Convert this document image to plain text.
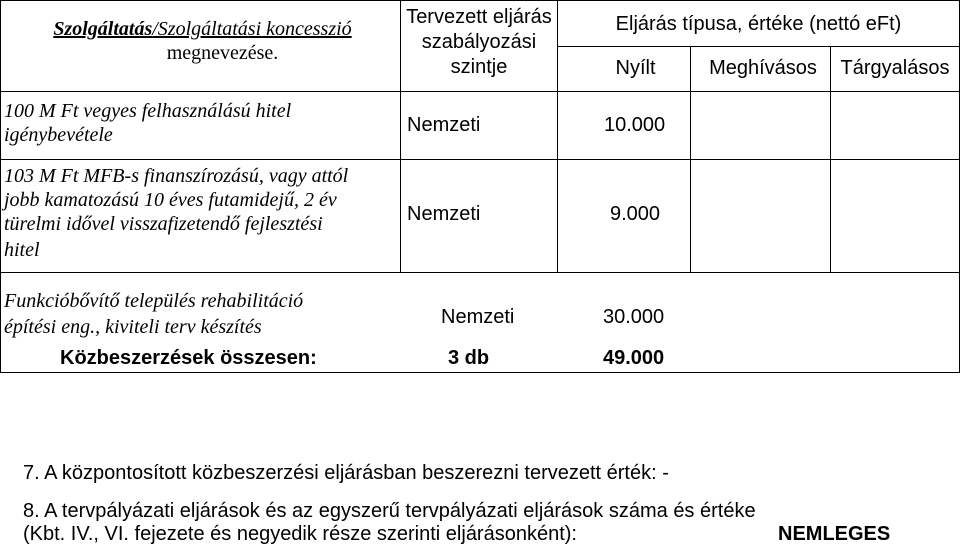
Szolgáltatás/Szolgáltatási koncesszió
megnevezése.
Tervezett eljárás
szabályozási
szintje
Eljárás típusa, értéke (nettó eFt)
Nyílt	Meghívásos	Tárgyalásos
100 M Ft vegyes felhasználású hitel
igénybevétele	Nemzeti	10.000
103 M Ft MFB-s finanszírozású, vagy attól
jobb kamatozású 10 éves futamidejű, 2 év
türelmi idővel visszafizetendő fejlesztési
hitel
Nemzeti	9.000
Funkcióbővítő település rehabilitáció
építési eng., kiviteli terv készítés	Nemzeti	30.000
Közbeszerzések összesen:	3 db	49.000
7. A központosított közbeszerzési eljárásban beszerezni tervezett érték: -
8. A tervpályázati eljárások és az egyszerű tervpályázati eljárások száma és értéke
(Kbt. IV., VI. fejezete és negyedik része szerinti eljárásonként):	NEMLEGES
